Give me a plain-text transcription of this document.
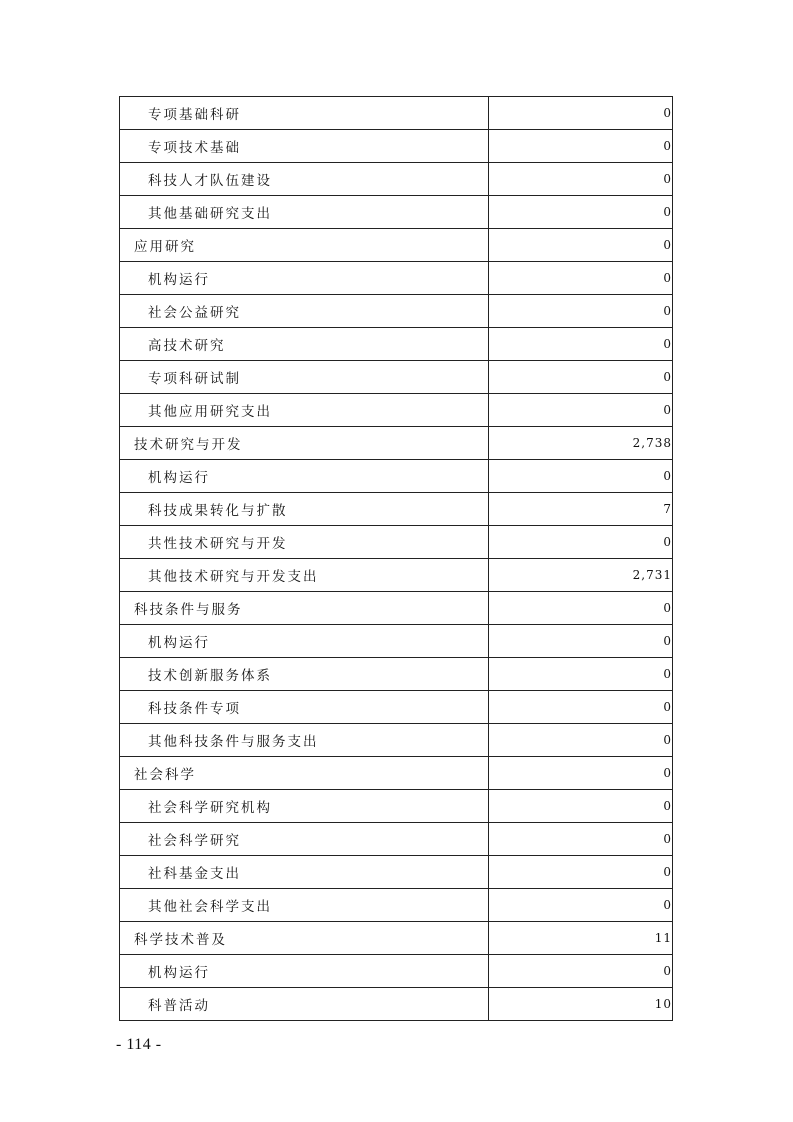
专项基础科研	0
专项技术基础	0
科技人才队伍建设	0
其他基础研究支出	0
应用研究	0
机构运行	0
社会公益研究	0
高技术研究	0
专项科研试制	0
其他应用研究支出	0
技术研究与开发	2,738
机构运行	0
科技成果转化与扩散	7
共性技术研究与开发	0
其他技术研究与开发支出	2,731
科技条件与服务	0
机构运行	0
技术创新服务体系	0
科技条件专项	0
其他科技条件与服务支出	0
社会科学	0
社会科学研究机构	0
社会科学研究	0
社科基金支出	0
其他社会科学支出	0
科学技术普及	11
机构运行	0
科普活动	10
- 114 -
